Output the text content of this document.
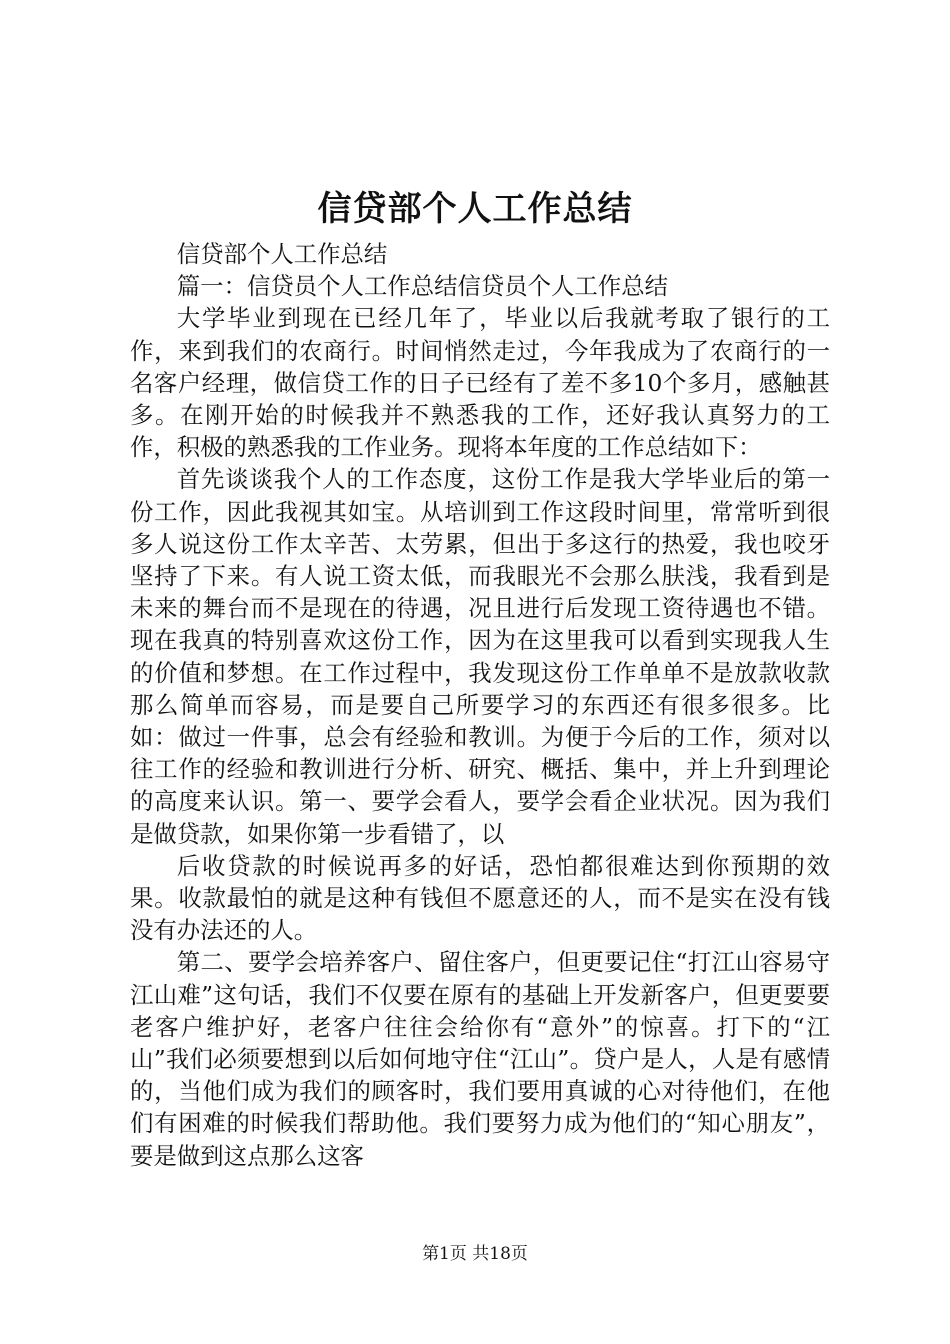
信贷部个人工作总结

信贷部个人工作总结

篇一：信贷员个人工作总结信贷员个人工作总结

大学毕业到现在已经几年了，毕业以后我就考取了银行的工作，来到我们的农商行。时间悄然走过，今年我成为了农商行的一名客户经理，做信贷工作的日子已经有了差不多10个多月，感触甚多。在刚开始的时候我并不熟悉我的工作，还好我认真努力的工作，积极的熟悉我的工作业务。现将本年度的工作总结如下：

首先谈谈我个人的工作态度，这份工作是我大学毕业后的第一份工作，因此我视其如宝。从培训到工作这段时间里，常常听到很多人说这份工作太辛苦、太劳累，但出于多这行的热爱，我也咬牙坚持了下来。有人说工资太低，而我眼光不会那么肤浅，我看到是未来的舞台而不是现在的待遇，况且进行后发现工资待遇也不错。现在我真的特别喜欢这份工作，因为在这里我可以看到实现我人生的价值和梦想。在工作过程中，我发现这份工作单单不是放款收款那么简单而容易，而是要自己所要学习的东西还有很多很多。比如：做过一件事，总会有经验和教训。为便于今后的工作，须对以往工作的经验和教训进行分析、研究、概括、集中，并上升到理论的高度来认识。第一、要学会看人，要学会看企业状况。因为我们是做贷款，如果你第一步看错了，以

后收贷款的时候说再多的好话，恐怕都很难达到你预期的效果。收款最怕的就是这种有钱但不愿意还的人，而不是实在没有钱没有办法还的人。

第二、要学会培养客户、留住客户，但更要记住“打江山容易守江山难”这句话，我们不仅要在原有的基础上开发新客户，但更要要老客户维护好，老客户往往会给你有“意外”的惊喜。打下的“江山”我们必须要想到以后如何地守住“江山”。贷户是人，人是有感情的，当他们成为我们的顾客时，我们要用真诚的心对待他们，在他们有困难的时候我们帮助他。我们要努力成为他们的“知心朋友”，要是做到这点那么这客

第1页 共18页
